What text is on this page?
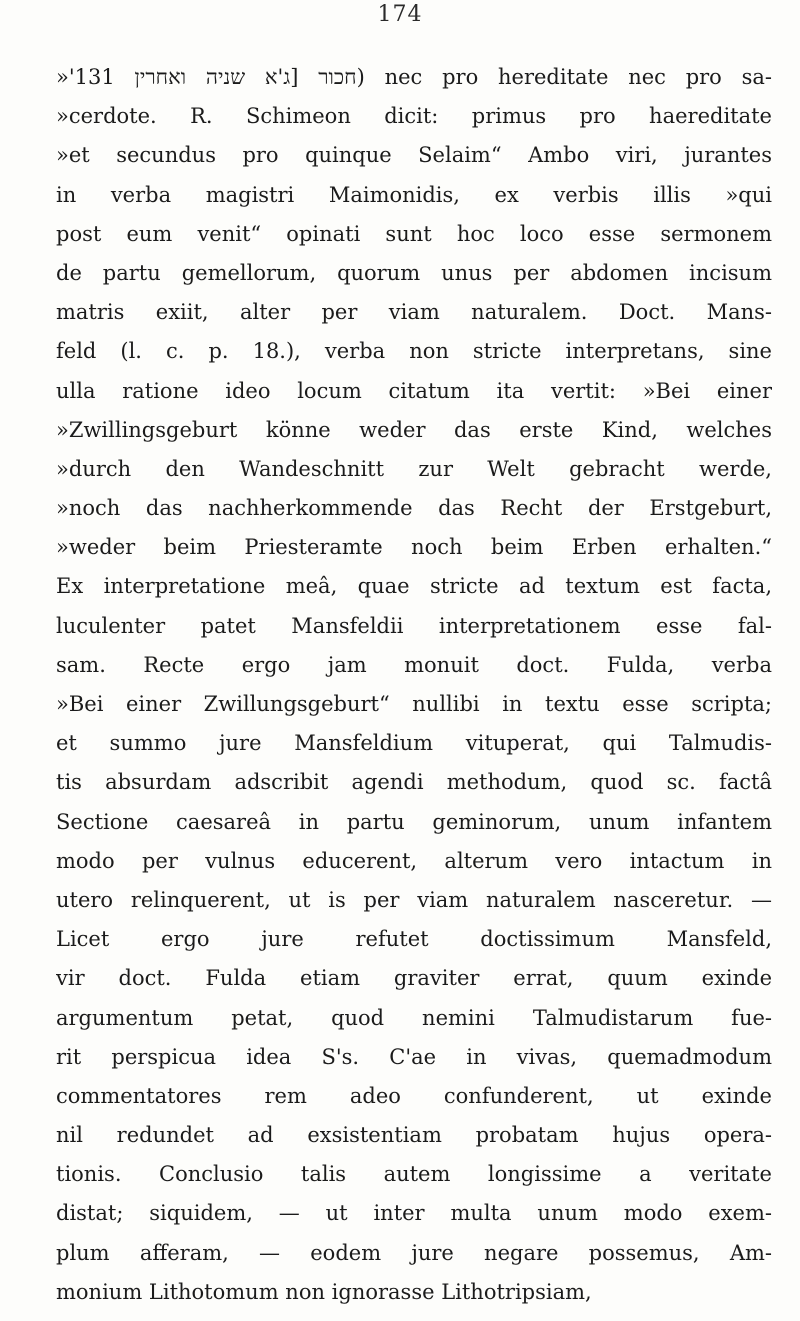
174
»'131 ‏חכור‏ [‏ג'א‏ ‏שניה‏ ‏ואחרין‏) nec pro hereditate nec pro sa-
»cerdote. R. Schimeon dicit: primus pro haereditate
»et secundus pro quinque Selaim“ Ambo viri, jurantes
in verba magistri Maimonidis, ex verbis illis »qui
post eum venit“ opinati sunt hoc loco esse sermonem
de partu gemellorum, quorum unus per abdomen incisum
matris exiit, alter per viam naturalem. Doct. Mans-
feld (l. c. p. 18.), verba non stricte interpretans, sine
ulla ratione ideo locum citatum ita vertit: »Bei einer
»Zwillingsgeburt könne weder das erste Kind, welches
»durch den Wandeschnitt zur Welt gebracht werde,
»noch das nachherkommende das Recht der Erstgeburt,
»weder beim Priesteramte noch beim Erben erhalten.“
Ex interpretatione meâ, quae stricte ad textum est facta,
luculenter patet Mansfeldii interpretationem esse fal-
sam. Recte ergo jam monuit doct. Fulda, verba
»Bei einer Zwillungsgeburt“ nullibi in textu esse scripta;
et summo jure Mansfeldium vituperat, qui Talmudis-
tis absurdam adscribit agendi methodum, quod sc. factâ
Sectione caesareâ in partu geminorum, unum infantem
modo per vulnus educerent, alterum vero intactum in
utero relinquerent, ut is per viam naturalem nasceretur. —
Licet ergo jure refutet doctissimum Mansfeld,
vir doct. Fulda etiam graviter errat, quum exinde
argumentum petat, quod nemini Talmudistarum fue-
rit perspicua idea S's. C'ae in vivas, quemadmodum
commentatores rem adeo confunderent, ut exinde
nil redundet ad exsistentiam probatam hujus opera-
tionis. Conclusio talis autem longissime a veritate
distat; siquidem, — ut inter multa unum modo exem-
plum afferam, — eodem jure negare possemus, Am-
monium Lithotomum non ignorasse Lithotripsiam,
